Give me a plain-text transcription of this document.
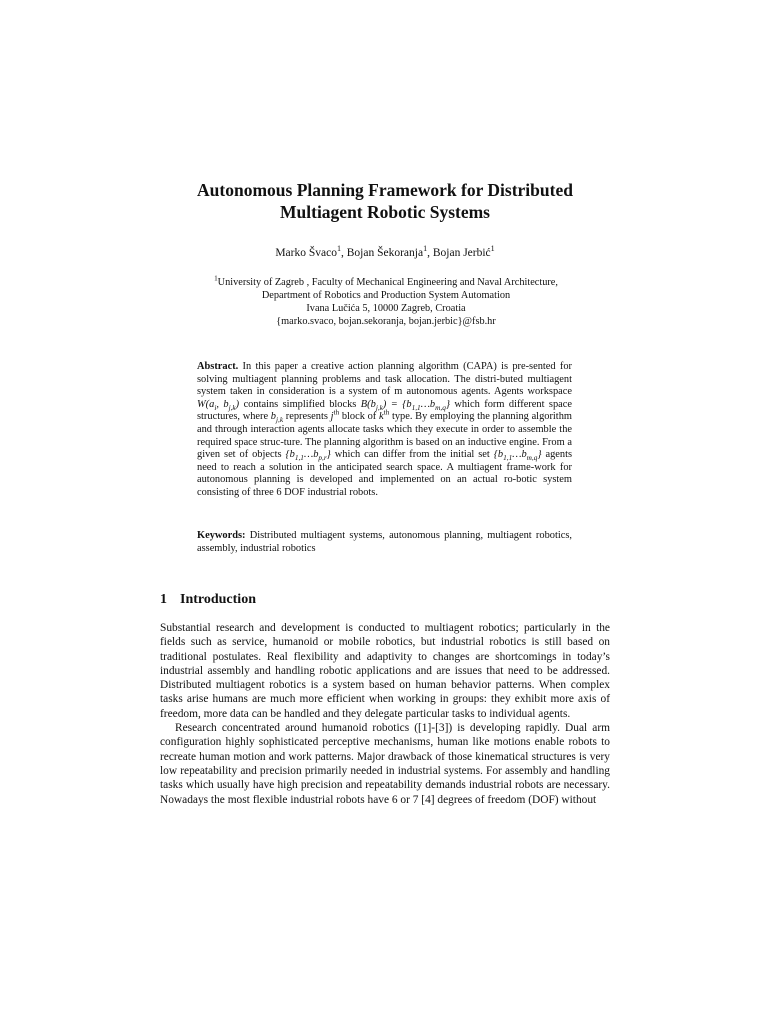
Autonomous Planning Framework for Distributed
Multiagent Robotic Systems
Marko Švaco$^1$, Bojan Šekoranja$^1$, Bojan Jerbić$^1$
$^1$University of Zagreb , Faculty of Mechanical Engineering and Naval Architecture,
Department of Robotics and Production System Automation
Ivana Lučića 5, 10000 Zagreb, Croatia
{marko.svaco, bojan.sekoranja, bojan.jerbic}@fsb.hr
Abstract. In this paper a creative action planning algorithm (CAPA) is pre-sented for solving multiagent planning problems and task allocation. The distri-buted multiagent system taken in consideration is a system of m autonomous agents. Agents workspace $W(a_i$, $b_{j,k}$) contains simplified blocks $B(b_{j,k})$ = $\{b_{1,1}\dots b_{m,q}\}$ which form different space structures, where $b_{j,k}$ represents $j^{th}$ block of $k^{th}$ type. By employing the planning algorithm and through interaction agents allocate tasks which they execute in order to assemble the required space struc-ture. The planning algorithm is based on an inductive engine. From a given set of objects $\{b_{1,1}\dots b_{p,r}\}$ which can differ from the initial set $\{b_{1,1}\dots b_{m,q}\}$ agents need to reach a solution in the anticipated search space. A multiagent frame-work for autonomous planning is developed and implemented on an actual ro-botic system consisting of three 6 DOF industrial robots.
Keywords: Distributed multiagent systems, autonomous planning, multiagent robotics, assembly, industrial robotics
1 Introduction

Substantial research and development is conducted to multiagent robotics; particularly in the fields such as service, humanoid or mobile robotics, but industrial robotics is still based on traditional postulates. Real flexibility and adaptivity to changes are shortcomings in today’s industrial assembly and handling robotic applications and are issues that need to be addressed. Distributed multiagent robotics is a system based on human behavior patterns. When complex tasks arise humans are much more efficient when working in groups: they exhibit more axis of freedom, more data can be handled and they delegate particular tasks to individual agents.

Research concentrated around humanoid robotics ([1]-[3]) is developing rapidly. Dual arm configuration highly sophisticated perceptive mechanisms, human like motions enable robots to recreate human motion and work patterns. Major drawback of those kinematical structures is very low repeatability and precision primarily needed in industrial systems. For assembly and handling tasks which usually have high precision and repeatability demands industrial robots are necessary. Nowadays the most flexible industrial robots have 6 or 7 [4] degrees of freedom (DOF) without
